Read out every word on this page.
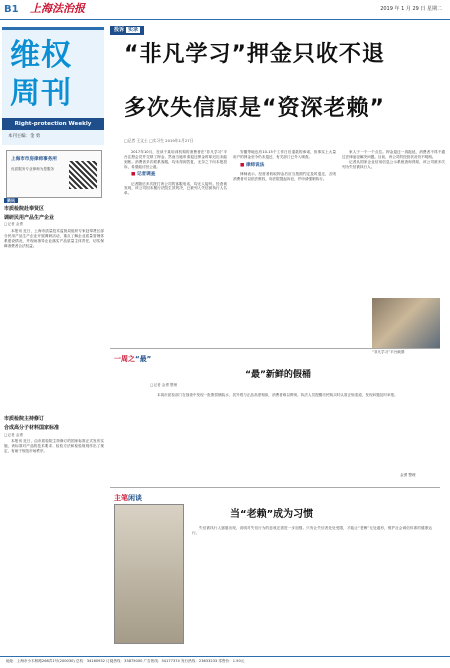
B1 上海法治报	2019 年 1 月 29 日 星期二
维权
周刊
Right-protection Weekly
本刊主编：金 勇
上海市市房律师事务所
优质服务专业律师为您服务
资讯
市质检院赴奉贤区
调研民用产品生产企业
□记者 金勇

本报讯 近日，上海市质量技术监督局组织专家赴奉贤区部分民用产品生产企业开展调研活动，重点了解企业质量管理体系建设情况，并现场指导企业落实产品质量主体责任，切实保障消费者合法权益。

市质检院主持修订
合成高分子材料国家标准
□记者 金勇

本报讯 近日，由市质检院主持修订的国家标准正式发布实施，该标准对产品的技术要求、检验方法和检验规则作出了规定，有助于规范市场秩序。

投诉 实录
“非凡学习”押金只收不退
多次失信原是“资深老赖”
□记者 王文士 □实习生 2019年1月27日

2017年10月，在读于某培训机构的消费者在“非凡学习”平台注册会员并交纳了押金，然而当她申请退还押金时却迟迟未能到账。消费者多次联系客服，均未得到答复，无奈之下向本报投诉，希望能讨回公道。

■ 记者调查

记者随后多次拨打该公司的客服电话，均无人接听。经查询发现，该公司因未履行法院生效判决，已被列入失信被执行人名单。

安徽等地也有10-15个工作日后退款的承诺，但事实上大量用户的押金至今仍未退还，有关部门已介入调查。

■ 律师说法

律师表示，经营者收取押金后应当按照约定及时退还，否则消费者可以依法维权，向法院提起诉讼，并申请强制执行。

家人于一个一个点位。押金退还一再拖延，消费者不得不通过法律途径解决问题。目前，该公司的经营状况仍不明朗。

记者从国家企业信用信息公示系统查询得知，该公司被多次列为失信被执行人。

“非凡学习”平台截图
一周之“最”
“最”新鲜的假桶
□记者 金勇 整理
本周市质检部门在抽查中发现一批假冒桶装水，其外观与正品高度相似，消费者难以辨别。执法人员提醒市民购买时认准正规渠道，发现问题及时举报。
金勇 整理
主笔闲谈
当“老赖”成为习惯
失信被执行人屡屡出现，说明对失信行为的惩戒还需进一步加强。只有让失信者处处受限，才能让“老赖”无处遁形，维护社会诚信体系的健康运行。
地址：上海市小木桥路268弄1号(200030) 总机：34160932 订阅热线：33875000 广告热线：54177374 发行热线：23633233 零售价：1.50元
